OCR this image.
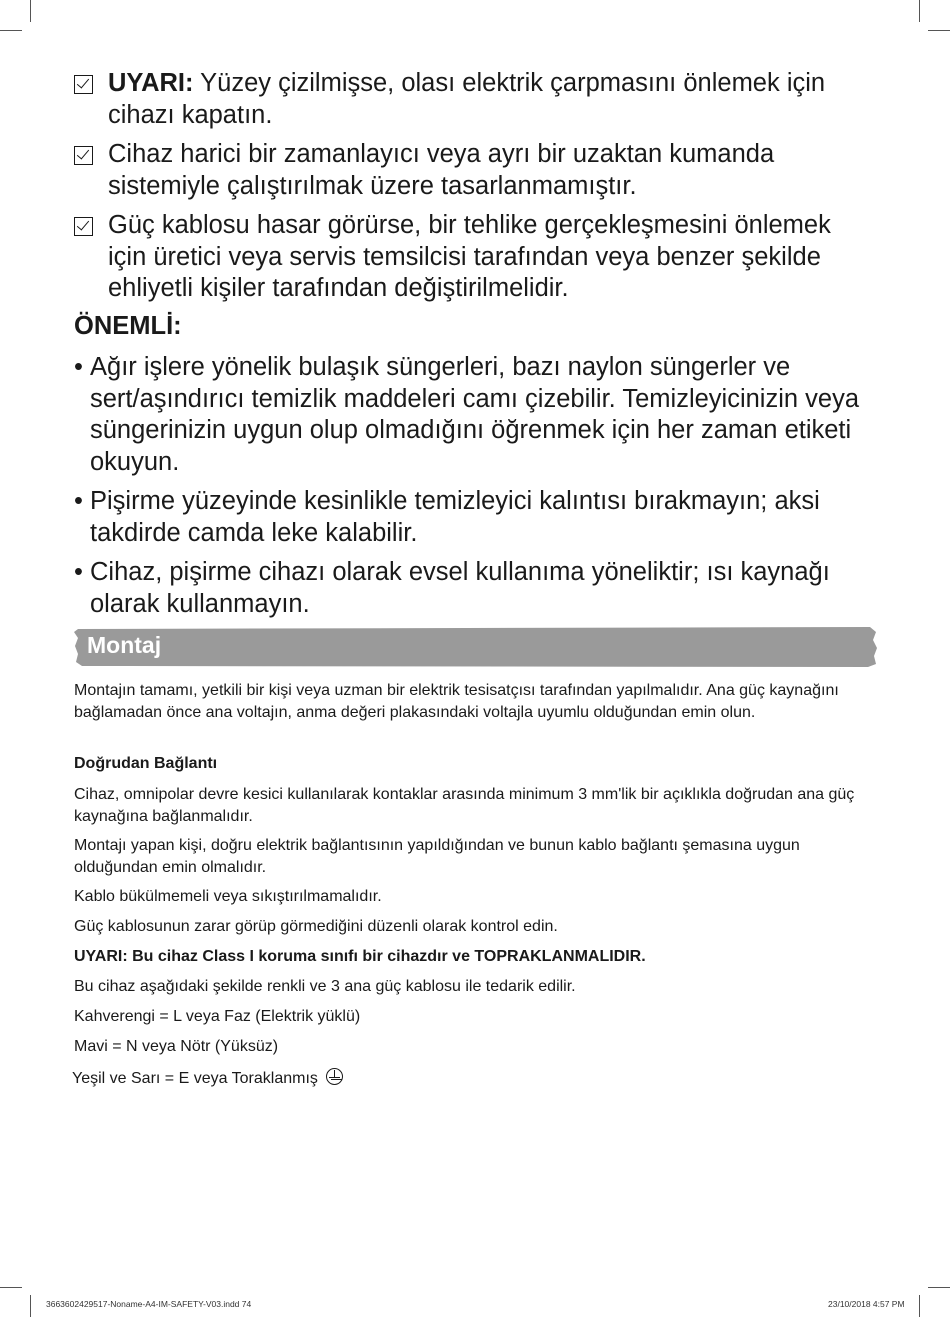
UYARI: Yüzey çizilmişse, olası elektrik çarpmasını önlemek için cihazı kapatın.
Cihaz harici bir zamanlayıcı veya ayrı bir uzaktan kumanda sistemiyle çalıştırılmak üzere tasarlanmamıştır.
Güç kablosu hasar görürse, bir tehlike gerçekleşmesini önlemek için üretici veya servis temsilcisi tarafından veya benzer şekilde ehliyetli kişiler tarafından değiştirilmelidir.
ÖNEMLİ:
• Ağır işlere yönelik bulaşık süngerleri, bazı naylon süngerler ve sert/aşındırıcı temizlik maddeleri camı çizebilir. Temizleyicinizin veya süngerinizin uygun olup olmadığını öğrenmek için her zaman etiketi okuyun.
• Pişirme yüzeyinde kesinlikle temizleyici kalıntısı bırakmayın; aksi takdirde camda leke kalabilir.
• Cihaz, pişirme cihazı olarak evsel kullanıma yöneliktir; ısı kaynağı olarak kullanmayın.
Montaj
Montajın tamamı, yetkili bir kişi veya uzman bir elektrik tesisatçısı tarafından yapılmalıdır. Ana güç kaynağını bağlamadan önce ana voltajın, anma değeri plakasındaki voltajla uyumlu olduğundan emin olun.
Doğrudan Bağlantı
Cihaz, omnipolar devre kesici kullanılarak kontaklar arasında minimum 3 mm'lik bir açıklıkla doğrudan ana güç kaynağına bağlanmalıdır.
Montajı yapan kişi, doğru elektrik bağlantısının yapıldığından ve bunun kablo bağlantı şemasına uygun olduğundan emin olmalıdır.
Kablo bükülmemeli veya sıkıştırılmamalıdır.
Güç kablosunun zarar görüp görmediğini düzenli olarak kontrol edin.
UYARI: Bu cihaz Class I koruma sınıfı bir cihazdır ve TOPRAKLANMALIDIR.
Bu cihaz aşağıdaki şekilde renkli ve 3 ana güç kablosu ile tedarik edilir.
Kahverengi = L veya Faz (Elektrik yüklü)
Mavi = N veya Nötr (Yüksüz)
Yeşil ve Sarı = E veya Toraklanmış
3663602429517-Noname-A4-IM-SAFETY-V03.indd 74	23/10/2018 4:57 PM
